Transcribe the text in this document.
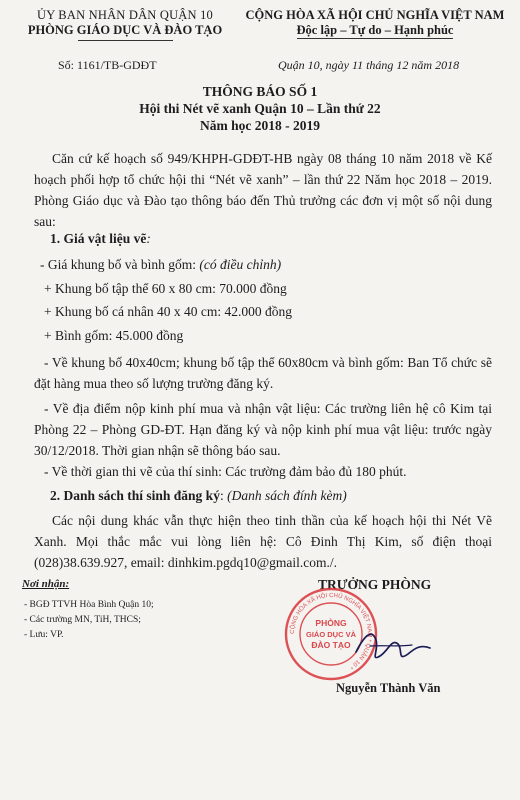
ỦY BAN NHÂN DÂN QUẬN 10
PHÒNG GIÁO DỤC VÀ ĐÀO TẠO
CỘNG HÒA XÃ HỘI CHỦ NGHĨA VIỆT NAM
Độc lập – Tự do – Hạnh phúc
Số: 1161/TB-GDĐT	Quận 10, ngày 11 tháng 12 năm 2018
THÔNG BÁO SỐ 1
Hội thi Nét vẽ xanh Quận 10 – Lần thứ 22
Năm học 2018 - 2019
Căn cứ kế hoạch số 949/KHPH-GDĐT-HB ngày 08 tháng 10 năm 2018 về Kế hoạch phối hợp tổ chức hội thi “Nét vẽ xanh” – lần thứ 22 Năm học 2018 – 2019. Phòng Giáo dục và Đào tạo thông báo đến Thủ trưởng các đơn vị một số nội dung sau:
1. Giá vật liệu vẽ:
- Giá khung bố và bình gốm: (có điều chỉnh)
+ Khung bố tập thể 60 x 80 cm: 70.000 đồng
+ Khung bố cá nhân 40 x 40 cm: 42.000 đồng
+ Bình gốm: 45.000 đồng
- Về khung bố 40x40cm; khung bố tập thể 60x80cm và bình gốm: Ban Tổ chức sẽ đặt hàng mua theo số lượng trường đăng ký.
- Về địa điểm nộp kinh phí mua và nhận vật liệu: Các trường liên hệ cô Kim tại Phòng 22 – Phòng GD-ĐT. Hạn đăng ký và nộp kinh phí mua vật liệu: trước ngày 30/12/2018. Thời gian nhận sẽ thông báo sau.
- Về thời gian thi vẽ của thí sinh: Các trường đảm bảo đủ 180 phút.
2. Danh sách thí sinh đăng ký: (Danh sách đính kèm)
Các nội dung khác vẫn thực hiện theo tinh thần của kế hoạch hội thi Nét Vẽ Xanh. Mọi thắc mắc vui lòng liên hệ: Cô Đinh Thị Kim, số điện thoại (028)38.639.927, email: dinhkim.pgdq10@gmail.com./.
Nơi nhận:
- BGĐ TTVH Hòa Bình Quận 10;
- Các trường MN, TiH, THCS;
- Lưu: VP.
TRƯỞNG PHÒNG
CỘNG HÒA XÃ HỘI CHỦ NGHĨA VIỆT NAM * QUẬN 10 *
PHÒNG
GIÁO DỤC VÀ
ĐÀO TẠO
Nguyễn Thành Văn
